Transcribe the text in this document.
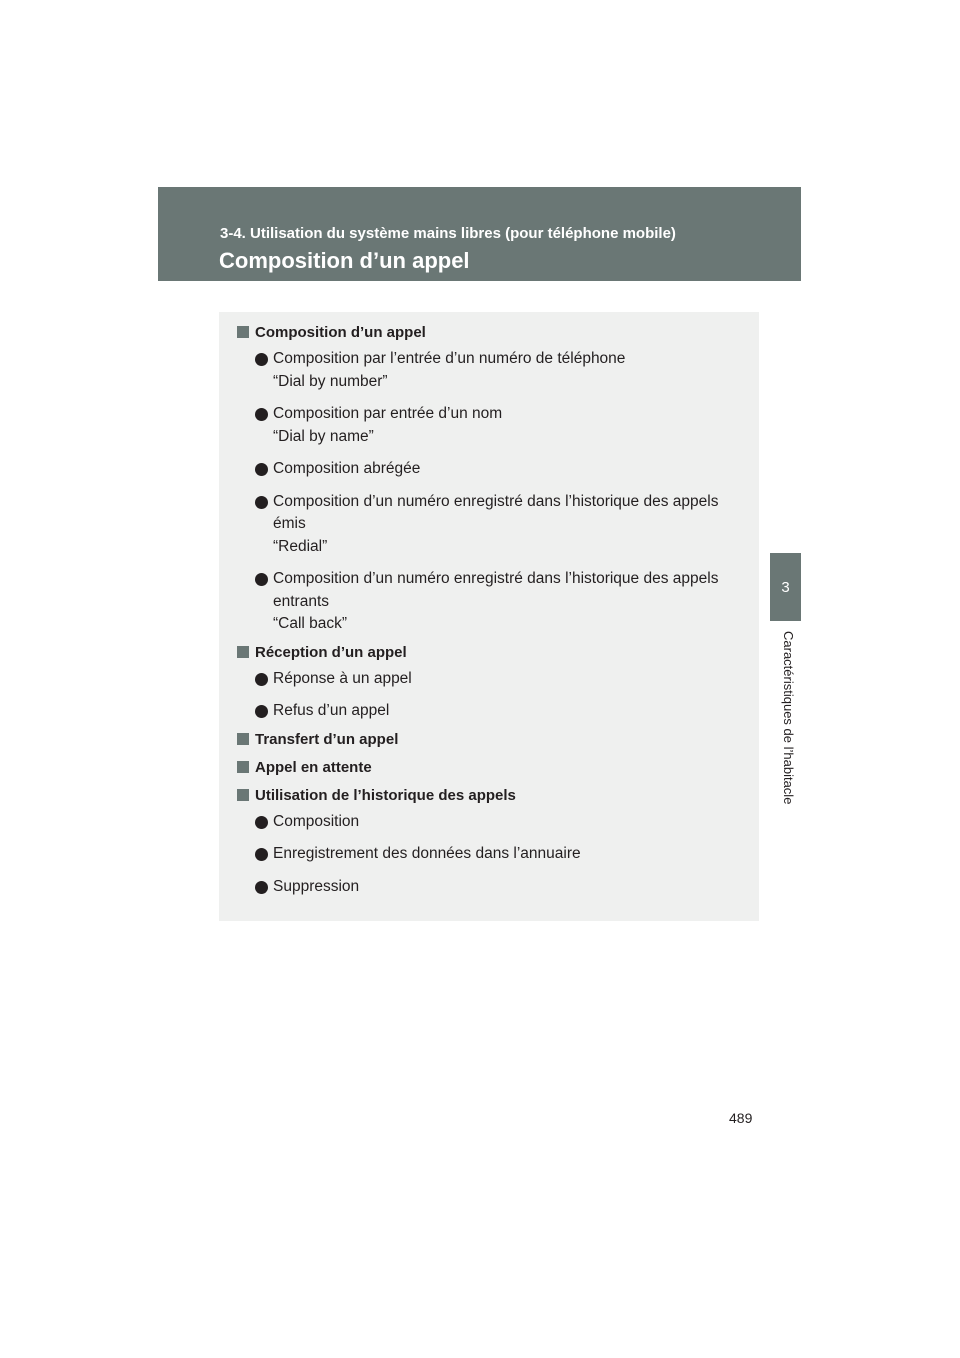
3-4. Utilisation du système mains libres (pour téléphone mobile)
Composition d’un appel
3
Caractéristiques de l’habitacle
Composition d’un appel
Composition par l’entrée d’un numéro de téléphone
“Dial by number”
Composition par entrée d’un nom
“Dial by name”
Composition abrégée
Composition d’un numéro enregistré dans l’historique des appels
émis
“Redial”
Composition d’un numéro enregistré dans l’historique des appels
entrants
“Call back”
Réception d’un appel
Réponse à un appel
Refus d’un appel
Transfert d’un appel
Appel en attente
Utilisation de l’historique des appels
Composition
Enregistrement des données dans l’annuaire
Suppression
489
